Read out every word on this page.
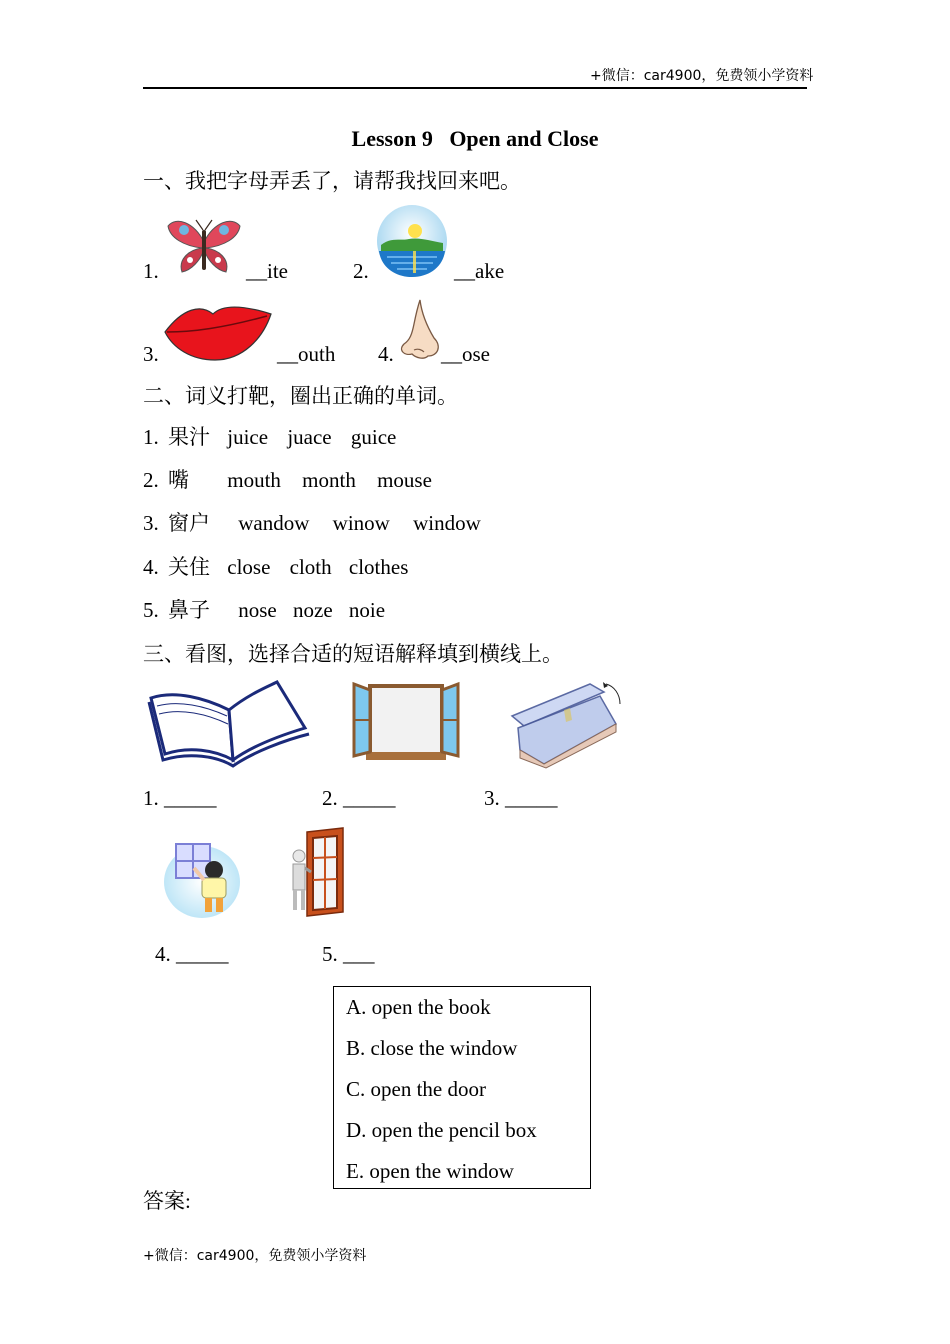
+微信：car4900，免费领小学资料
Lesson 9   Open and Close
一、我把字母弄丢了，请帮我找回来吧。
1.	__ite	2.	__ake
3.	__outh 4. __ose
二、词义打靶，圈出正确的单词。
1. 果汁 juice juace guice
2. 嘴 mouth month mouse
3. 窗户 wandow winow window
4. 关住 close cloth clothes
5. 鼻子 nose noze noie
三、看图，选择合适的短语解释填到横线上。
1. _____	2. _____	3. _____
4. _____	5. ___
A. open the book
B. close the window
C. open the door
D. open the pencil box
E. open the window
答案:
+微信：car4900，免费领小学资料
